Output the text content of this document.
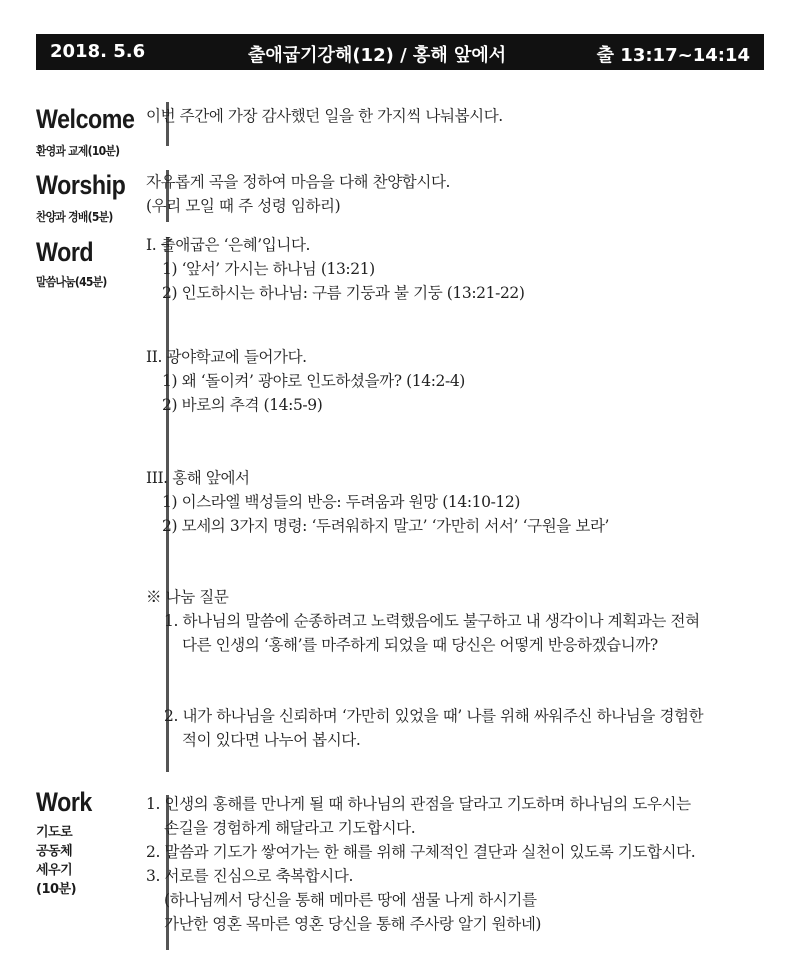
2018. 5.6	출애굽기강해(12) / 홍해 앞에서	출 13:17~14:14
Welcome
환영과 교제(10분)
이번 주간에 가장 감사했던 일을 한 가지씩 나눠봅시다.
Worship
찬양과 경배(5분)
자유롭게 곡을 정하여 마음을 다해 찬양합시다.
(우리 모일 때 주 성령 임하리)
Word
말씀나눔(45분)
I. 출애굽은 ‘은혜’입니다.
1) ‘앞서’ 가시는 하나님 (13:21)
2) 인도하시는 하나님: 구름 기둥과 불 기둥 (13:21-22)
II. 광야학교에 들어가다.
1) 왜 ‘돌이켜’ 광야로 인도하셨을까? (14:2-4)
2) 바로의 추격 (14:5-9)
III. 홍해 앞에서
1) 이스라엘 백성들의 반응: 두려움과 원망 (14:10-12)
2) 모세의 3가지 명령: ‘두려워하지 말고’ ‘가만히 서서’ ‘구원을 보라’
※ 나눔 질문
1. 하나님의 말씀에 순종하려고 노력했음에도 불구하고 내 생각이나 계획과는 전혀
다른 인생의 ‘홍해’를 마주하게 되었을 때 당신은 어떻게 반응하겠습니까?
2. 내가 하나님을 신뢰하며 ‘가만히 있었을 때’ 나를 위해 싸워주신 하나님을 경험한
적이 있다면 나누어 봅시다.
Work
기도로
공동체
세우기
(10분)
1. 인생의 홍해를 만나게 될 때 하나님의 관점을 달라고 기도하며 하나님의 도우시는
손길을 경험하게 해달라고 기도합시다.
2. 말씀과 기도가 쌓여가는 한 해를 위해 구체적인 결단과 실천이 있도록 기도합시다.
3. 서로를 진심으로 축복합시다.
(하나님께서 당신을 통해 메마른 땅에 샘물 나게 하시기를
가난한 영혼 목마른 영혼 당신을 통해 주사랑 알기 원하네)
